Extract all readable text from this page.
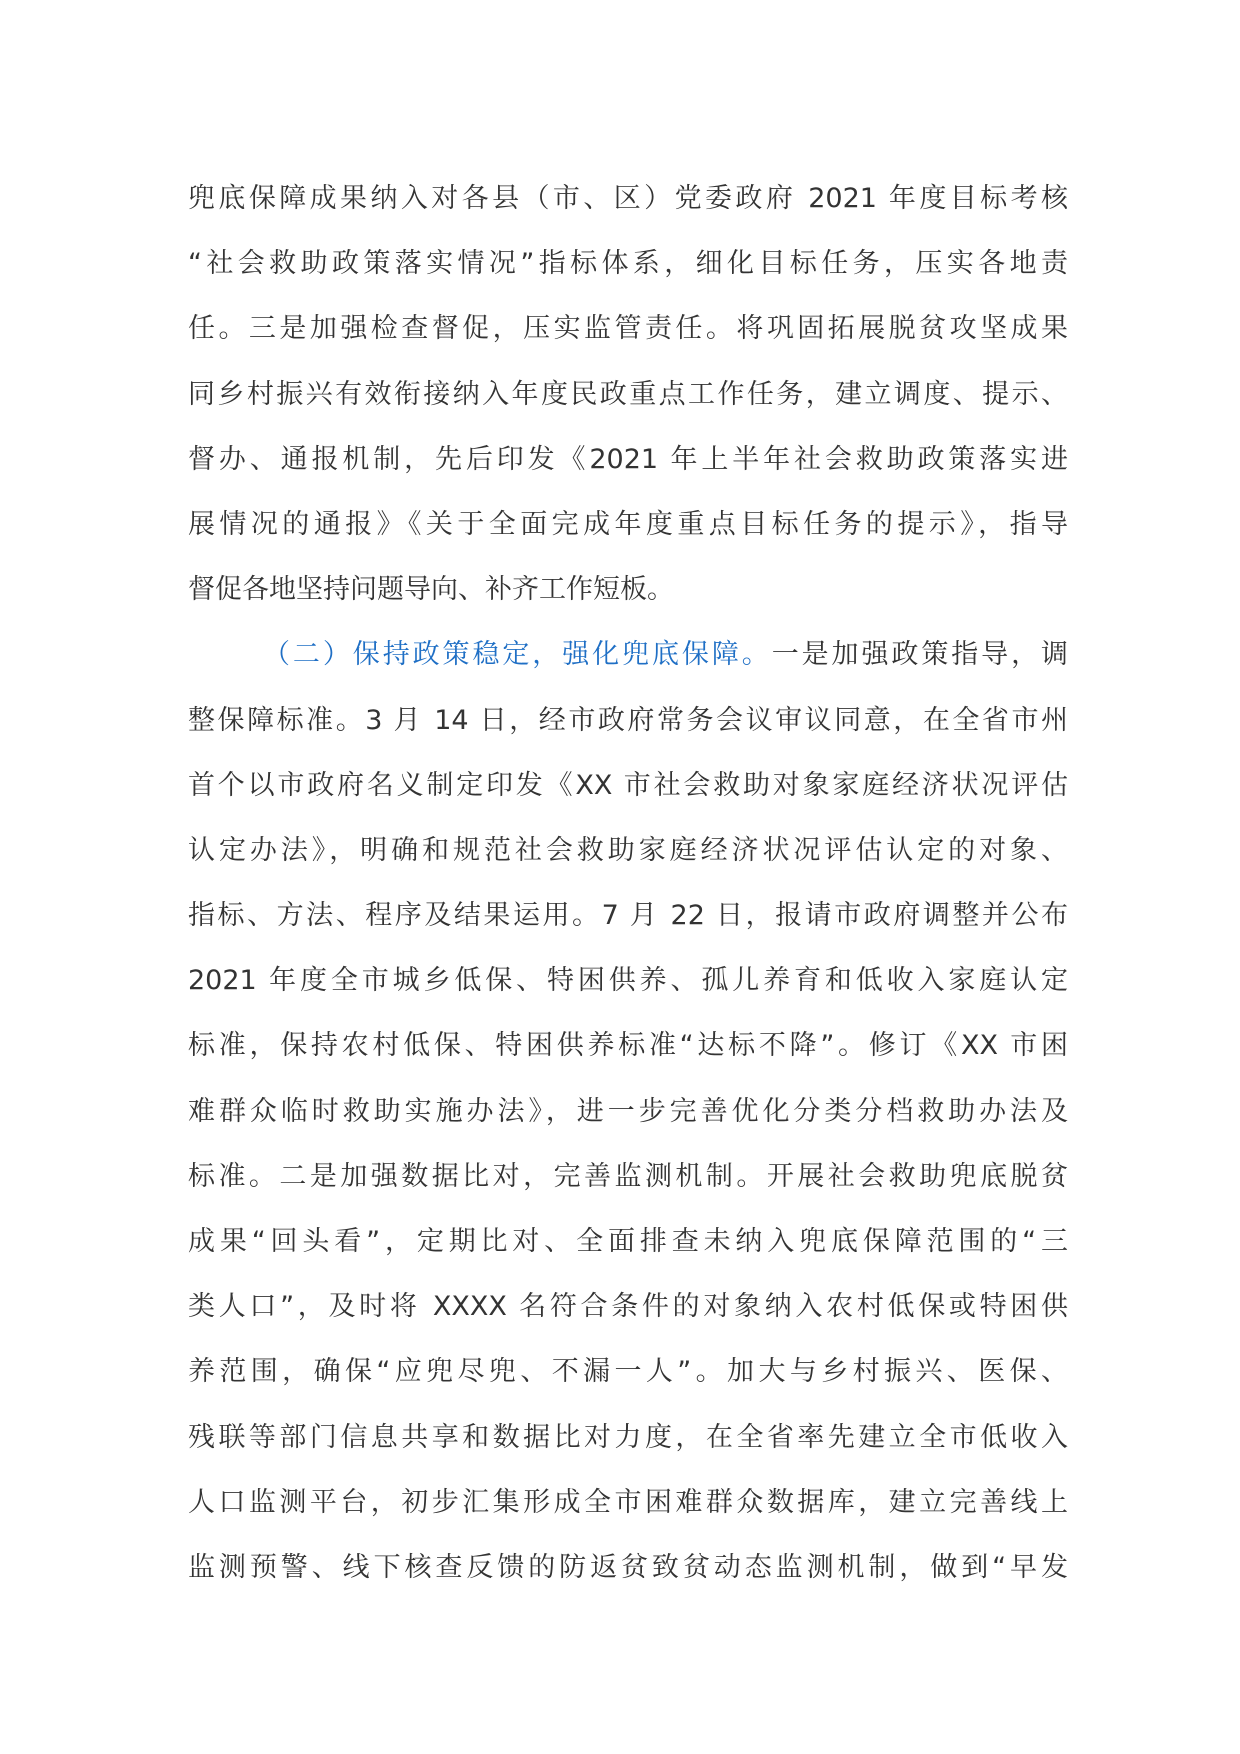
兜底保障成果纳入对各县（市、区）党委政府 2021 年度目标考核
“社会救助政策落实情况”指标体系，细化目标任务，压实各地责
任。三是加强检查督促，压实监管责任。将巩固拓展脱贫攻坚成果
同乡村振兴有效衔接纳入年度民政重点工作任务，建立调度、提示、
督办、通报机制，先后印发《2021 年上半年社会救助政策落实进
展情况的通报》《关于全面完成年度重点目标任务的提示》，指导
督促各地坚持问题导向、补齐工作短板。
（二）保持政策稳定，强化兜底保障。一是加强政策指导，调
整保障标准。3 月 14 日，经市政府常务会议审议同意，在全省市州
首个以市政府名义制定印发《XX 市社会救助对象家庭经济状况评估
认定办法》，明确和规范社会救助家庭经济状况评估认定的对象、
指标、方法、程序及结果运用。7 月 22 日，报请市政府调整并公布
2021 年度全市城乡低保、特困供养、孤儿养育和低收入家庭认定
标准，保持农村低保、特困供养标准“达标不降”。修订《XX 市困
难群众临时救助实施办法》，进一步完善优化分类分档救助办法及
标准。二是加强数据比对，完善监测机制。开展社会救助兜底脱贫
成果“回头看”，定期比对、全面排查未纳入兜底保障范围的“三
类人口”，及时将 XXXX 名符合条件的对象纳入农村低保或特困供
养范围，确保“应兜尽兜、不漏一人”。加大与乡村振兴、医保、
残联等部门信息共享和数据比对力度，在全省率先建立全市低收入
人口监测平台，初步汇集形成全市困难群众数据库，建立完善线上
监测预警、线下核查反馈的防返贫致贫动态监测机制，做到“早发
